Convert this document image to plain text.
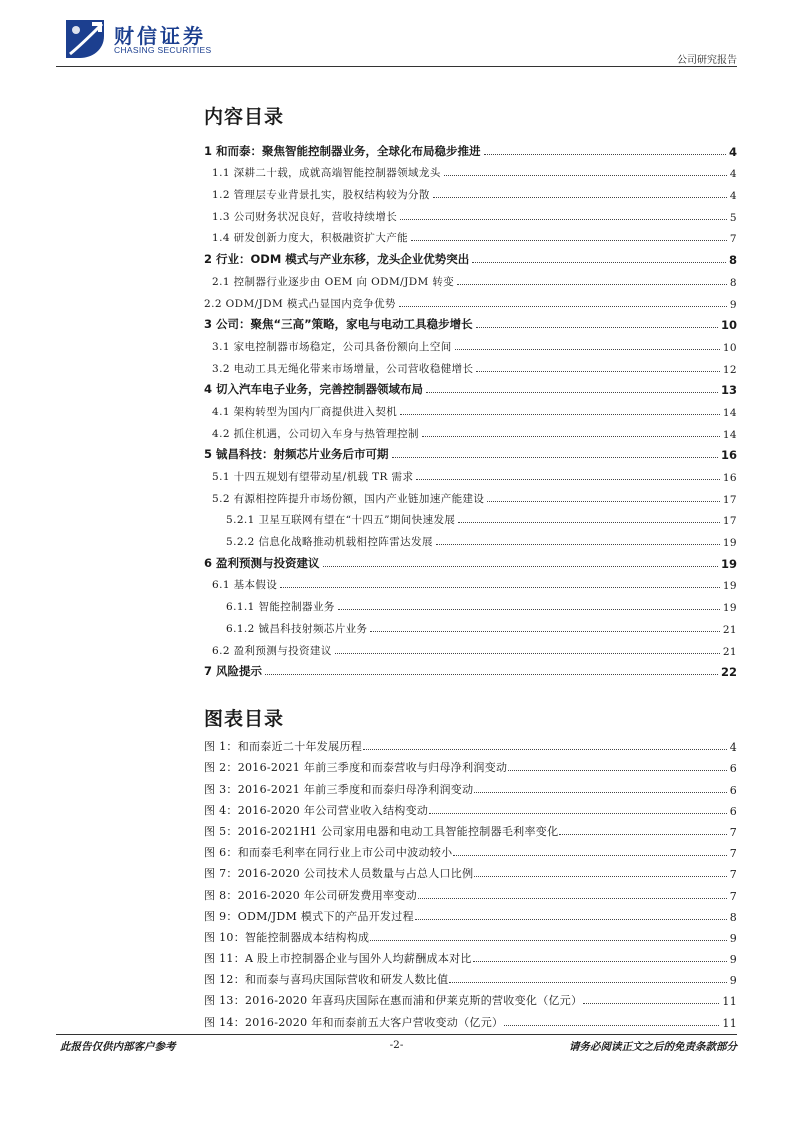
财信证券
CHASING SECURITIES
公司研究报告
内容目录
1 和而泰：聚焦智能控制器业务，全球化布局稳步推进	4
1.1 深耕二十载，成就高端智能控制器领域龙头	4
1.2 管理层专业背景扎实，股权结构较为分散	4
1.3 公司财务状况良好，营收持续增长	5
1.4 研发创新力度大，积极融资扩大产能	7
2 行业：ODM 模式与产业东移，龙头企业优势突出	8
2.1 控制器行业逐步由 OEM 向 ODM/JDM 转变	8
2.2 ODM/JDM 模式凸显国内竞争优势	9
3 公司：聚焦“三高”策略，家电与电动工具稳步增长	10
3.1 家电控制器市场稳定，公司具备份额向上空间	10
3.2 电动工具无绳化带来市场增量，公司营收稳健增长	12
4 切入汽车电子业务，完善控制器领域布局	13
4.1 架构转型为国内厂商提供进入契机	14
4.2 抓住机遇，公司切入车身与热管理控制	14
5 铖昌科技：射频芯片业务后市可期	16
5.1 十四五规划有望带动星/机载 TR 需求	16
5.2 有源相控阵提升市场份额，国内产业链加速产能建设	17
5.2.1 卫星互联网有望在“十四五”期间快速发展	17
5.2.2 信息化战略推动机载相控阵雷达发展	19
6 盈利预测与投资建议	19
6.1 基本假设	19
6.1.1 智能控制器业务	19
6.1.2 铖昌科技射频芯片业务	21
6.2 盈利预测与投资建议	21
7 风险提示	22
图表目录
图 1：和而泰近二十年发展历程	4
图 2：2016-2021 年前三季度和而泰营收与归母净利润变动	6
图 3：2016-2021 年前三季度和而泰归母净利润变动	6
图 4：2016-2020 年公司营业收入结构变动	6
图 5：2016-2021H1 公司家用电器和电动工具智能控制器毛利率变化	7
图 6：和而泰毛利率在同行业上市公司中波动较小	7
图 7：2016-2020 公司技术人员数量与占总人口比例	7
图 8：2016-2020 年公司研发费用率变动	7
图 9：ODM/JDM 模式下的产品开发过程	8
图 10：智能控制器成本结构构成	9
图 11：A 股上市控制器企业与国外人均薪酬成本对比	9
图 12：和而泰与喜玛庆国际营收和研发人数比值	9
图 13：2016-2020 年喜玛庆国际在惠而浦和伊莱克斯的营收变化（亿元）	11
图 14：2016-2020 年和而泰前五大客户营收变动（亿元）	11
此报告仅供内部客户参考	-2-	请务必阅读正文之后的免责条款部分
